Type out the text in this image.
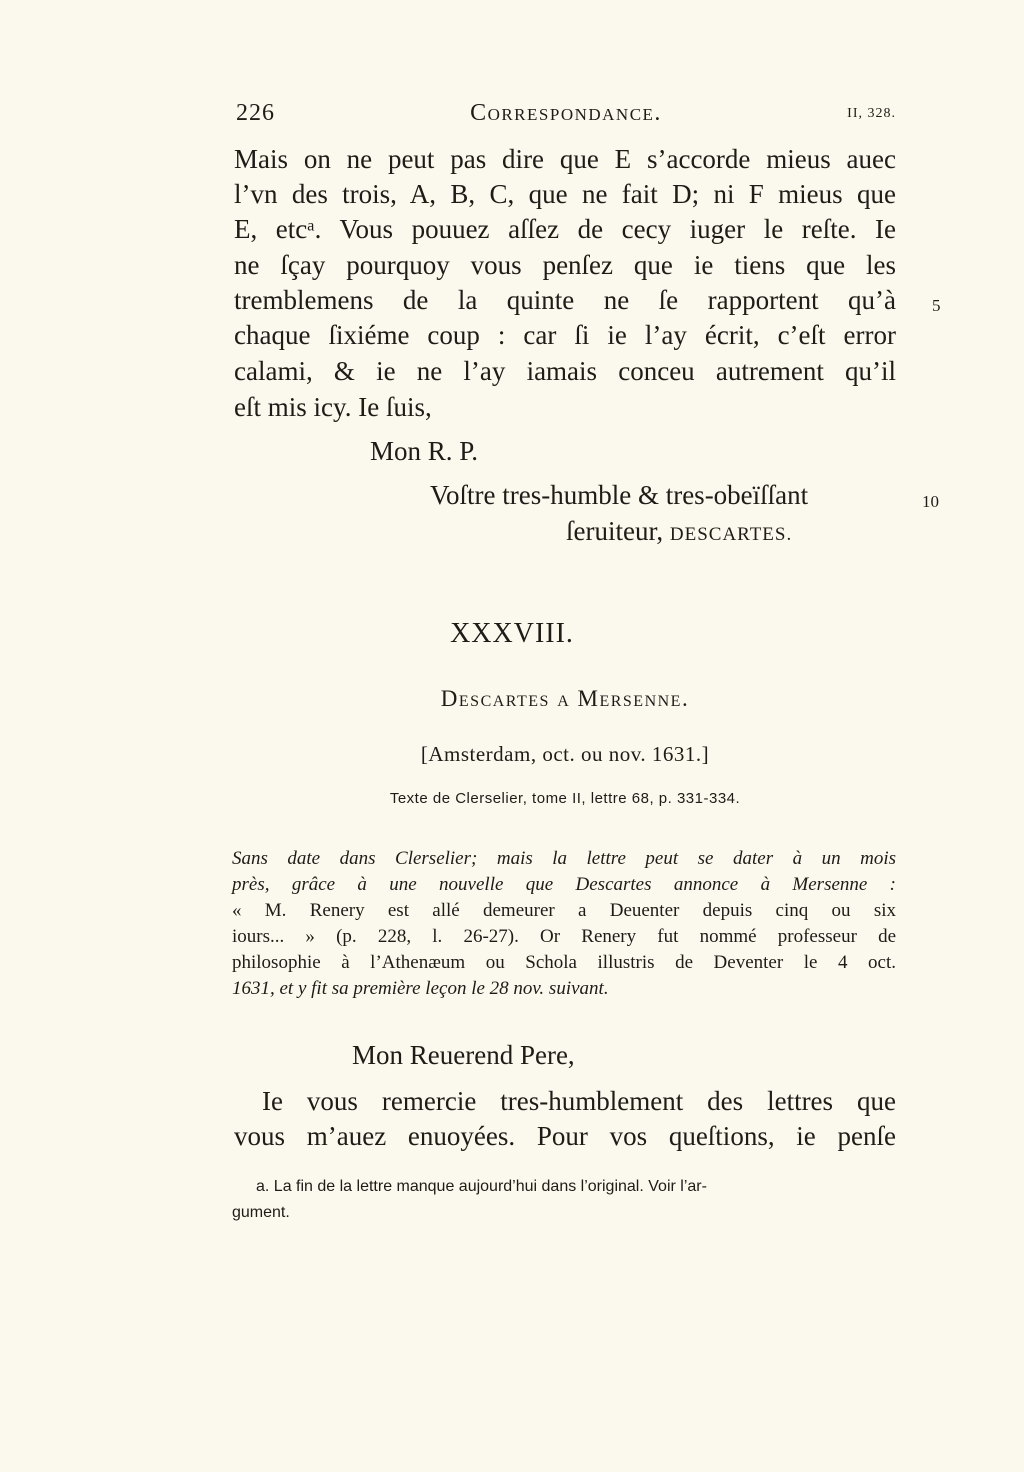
226	Correspondance.	II, 328.
Mais on ne peut pas dire que E s’accorde mieus auec
l’vn des trois, A, B, C, que ne fait D; ni F mieus que
E, etcᵃ. Vous pouuez aſſez de cecy iuger le reſte. Ie
ne ſçay pourquoy vous penſez que ie tiens que les
tremblemens de la quinte ne ſe rapportent qu’à
chaque ſixiéme coup : car ſi ie l’ay écrit, c’eſt error
calami, & ie ne l’ay iamais conceu autrement qu’il
eſt mis icy. Ie ſuis,
5
10
Mon R. P.
Voſtre tres-humble & tres-obeïſſant
ſeruiteur, DESCARTES.
XXXVIII.
Descartes a Mersenne.
[Amsterdam, oct. ou nov. 1631.]
Texte de Clerselier, tome II, lettre 68, p. 331-334.
Sans date dans Clerselier; mais la lettre peut se dater à un mois
près, grâce à une nouvelle que Descartes annonce à Mersenne :
« M. Renery est allé demeurer a Deuenter depuis cinq ou six
iours... » (p. 228, l. 26-27). Or Renery fut nommé professeur de
philosophie à l’Athenæum ou Schola illustris de Deventer le 4 oct.
1631, et y fit sa première leçon le 28 nov. suivant.
Mon Reuerend Pere,
Ie vous remercie tres-humblement des lettres que
vous m’auez enuoyées. Pour vos queſtions, ie penſe
a. La fin de la lettre manque aujourd’hui dans l’original. Voir l’ar-
gument.
